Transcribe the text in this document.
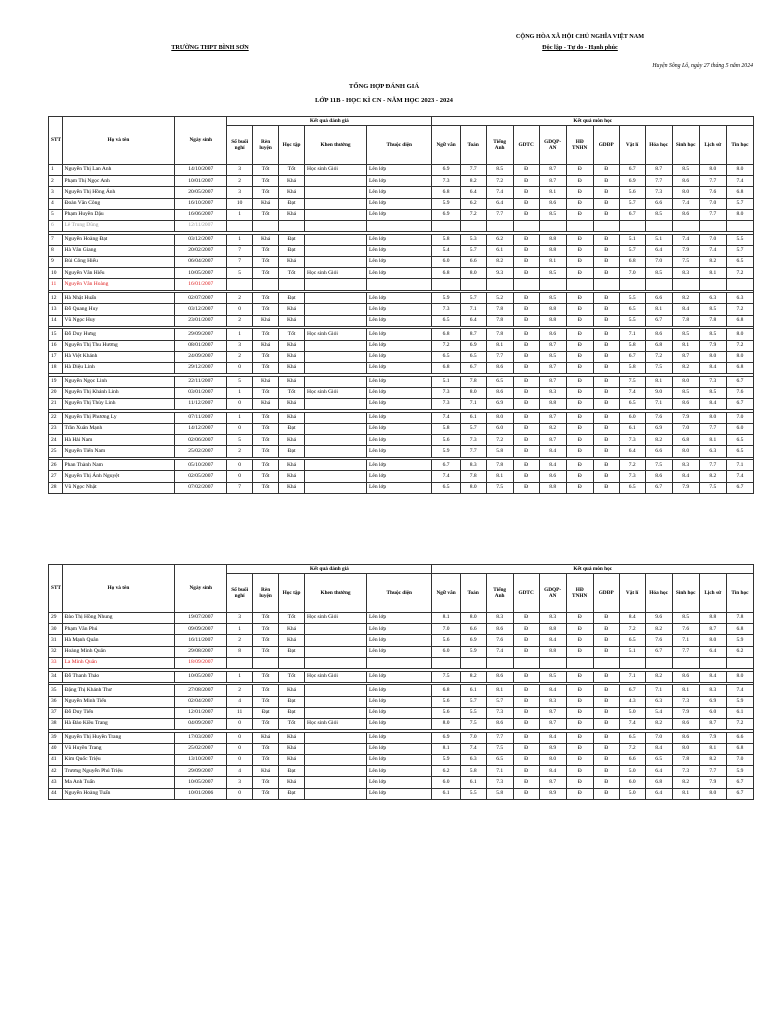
TRƯỜNG THPT BÌNH SƠN
CỘNG HÒA XÃ HỘI CHỦ NGHĨA VIỆT NAM
Độc lập - Tự do - Hạnh phúc
Huyện Sông Lô, ngày 27 tháng 5 năm 2024
TỔNG HỢP ĐÁNH GIÁ
LỚP 11B - HỌC KÌ CN - NĂM HỌC 2023 - 2024
STT	Họ và tên	Ngày sinh	Kết quả đánh giá					Kết quả môn học											
			Số buổi nghỉ	Rèn luyện	Học tập	Khen thưởng	Thuộc diện	Ngữ văn	Toán	Tiếng Anh	GDTC	GDQP-AN	HĐ TNHN	GDĐP	Vật lí	Hóa học	Sinh học	Lịch sử	Tin học
1	Nguyễn Thị Lan Anh	14/10/2007	3	Tốt	Tốt	Học sinh Giỏi	Lên lớp	6.9	7.7	8.5	Đ	8.7	Đ	Đ	6.7	8.7	8.5	8.0	8.0
2	Phạm Thị Ngọc Anh	10/01/2007	2	Tốt	Khá		Lên lớp	7.3	8.2	7.2	Đ	8.7	Đ	Đ	6.9	7.7	8.6	7.7	7.4
3	Nguyễn Thị Hồng Ánh	20/05/2007	3	Tốt	Khá		Lên lớp	6.8	6.4	7.4	Đ	8.1	Đ	Đ	5.6	7.3	8.0	7.6	6.8
4	Đoàn Văn Công	16/10/2007	10	Khá	Đạt		Lên lớp	5.9	6.2	6.4	Đ	8.6	Đ	Đ	5.7	6.6	7.4	7.0	5.7
5	Phạm Huyền Dậu	16/06/2007	1	Tốt	Khá		Lên lớp	6.9	7.2	7.7	Đ	8.5	Đ	Đ	6.7	8.5	8.6	7.7	8.0
6	Lê Trung Dũng	12/11/2007																	

7	Nguyễn Hoàng Đạt	03/12/2007	1	Khá	Đạt		Lên lớp	5.8	5.3	6.2	Đ	8.8	Đ	Đ	5.1	5.1	7.4	7.0	5.5
8	Hà Văn Giang	20/02/2007	7	Tốt	Đạt		Lên lớp	5.4	5.7	6.1	Đ	8.8	Đ	Đ	5.7	6.4	7.9	7.4	5.7
9	Bùi Công Hiếu	06/04/2007	7	Tốt	Khá		Lên lớp	6.0	6.6	8.2	Đ	8.1	Đ	Đ	6.8	7.0	7.5	8.2	6.5
10	Nguyễn Văn Hiếu	10/05/2007	5	Tốt	Tốt	Học sinh Giỏi	Lên lớp	6.8	8.0	9.3	Đ	8.5	Đ	Đ	7.0	8.5	8.3	8.1	7.2
11	Nguyễn Văn Hoàng	16/01/2007																	

12	Hà Nhật Huấn	02/07/2007	2	Tốt	Đạt		Lên lớp	5.9	5.7	5.2	Đ	8.5	Đ	Đ	5.5	6.6	8.2	6.3	6.3
13	Đỗ Quang Huy	03/12/2007	0	Tốt	Khá		Lên lớp	7.3	7.1	7.8	Đ	8.8	Đ	Đ	6.5	8.1	8.4	8.5	7.2
14	Vũ Ngọc Huy	23/01/2007	2	Khá	Khá		Lên lớp	6.5	6.4	7.8	Đ	8.8	Đ	Đ	5.5	6.7	7.8	7.8	6.8

15	Đỗ Duy Hưng	29/09/2007	1	Tốt	Tốt	Học sinh Giỏi	Lên lớp	6.8	8.7	7.8	Đ	8.6	Đ	Đ	7.1	8.6	8.5	8.5	8.0
16	Nguyễn Thị Thu Hương	08/01/2007	3	Khá	Khá		Lên lớp	7.2	6.9	8.1	Đ	8.7	Đ	Đ	5.8	6.8	8.1	7.9	7.2
17	Hà Việt Khánh	24/09/2007	2	Tốt	Khá		Lên lớp	6.5	6.5	7.7	Đ	8.5	Đ	Đ	6.7	7.2	8.7	8.0	8.0
18	Hà Diệu Linh	29/12/2007	0	Tốt	Khá		Lên lớp	6.8	6.7	8.6	Đ	8.7	Đ	Đ	5.8	7.5	8.2	8.4	6.8

19	Nguyễn Ngọc Linh	22/11/2007	5	Khá	Khá		Lên lớp	5.1	7.8	6.5	Đ	8.7	Đ	Đ	7.5	8.1	8.0	7.3	6.7
20	Nguyễn Thị Khánh Linh	03/01/2007	1	Tốt	Tốt	Học sinh Giỏi	Lên lớp	7.3	8.0	8.6	Đ	8.3	Đ	Đ	7.4	9.0	8.5	8.5	7.6
21	Nguyễn Thị Thùy Linh	11/12/2007	0	Khá	Khá		Lên lớp	7.3	7.1	6.9	Đ	8.8	Đ	Đ	6.5	7.1	8.6	8.4	6.7

22	Nguyễn Thị Phương Ly	07/11/2007	1	Tốt	Khá		Lên lớp	7.4	6.1	8.0	Đ	8.7	Đ	Đ	6.0	7.6	7.9	8.0	7.0
23	Trần Xuân Mạnh	14/12/2007	0	Tốt	Đạt		Lên lớp	5.8	5.7	6.0	Đ	8.2	Đ	Đ	6.1	6.9	7.0	7.7	6.0
24	Hà Hải Nam	02/06/2007	5	Tốt	Khá		Lên lớp	5.6	7.3	7.2	Đ	8.7	Đ	Đ	7.3	8.2	6.8	8.1	6.5
25	Nguyễn Tiến Nam	25/02/2007	2	Tốt	Đạt		Lên lớp	5.9	7.7	5.8	Đ	8.4	Đ	Đ	6.4	6.6	8.0	6.3	6.5

26	Phan Thành Nam	05/10/2007	0	Tốt	Khá		Lên lớp	6.7	8.3	7.8	Đ	8.4	Đ	Đ	7.2	7.5	8.3	7.7	7.1
27	Nguyễn Thị Ánh Nguyệt	02/05/2007	0	Tốt	Khá		Lên lớp	7.4	7.8	8.1	Đ	8.6	Đ	Đ	7.3	8.6	8.4	8.2	7.4
28	Vũ Ngọc Nhật	07/02/2007	7	Tốt	Khá		Lên lớp	6.5	8.0	7.5	Đ	8.8	Đ	Đ	6.5	6.7	7.9	7.5	6.7
STT	Họ và tên	Ngày sinh	Kết quả đánh giá					Kết quả môn học											
			Số buổi nghỉ	Rèn luyện	Học tập	Khen thưởng	Thuộc diện	Ngữ văn	Toán	Tiếng Anh	GDTC	GDQP-AN	HĐ TNHN	GDĐP	Vật lí	Hóa học	Sinh học	Lịch sử	Tin học
29	Đào Thị Hồng Nhung	19/07/2007	3	Tốt	Tốt	Học sinh Giỏi	Lên lớp	8.1	8.0	8.3	Đ	8.3	Đ	Đ	8.4	9.6	8.5	8.8	7.8
30	Phạm Văn Phú	09/09/2007	1	Tốt	Khá		Lên lớp	7.0	6.6	8.6	Đ	8.8	Đ	Đ	7.2	8.2	7.6	8.7	6.8
31	Hà Mạnh Quân	16/11/2007	2	Tốt	Khá		Lên lớp	5.6	6.9	7.6	Đ	8.4	Đ	Đ	6.5	7.6	7.1	8.0	5.9
32	Hoàng Minh Quân	29/08/2007	8	Tốt	Đạt		Lên lớp	6.0	5.9	7.4	Đ	8.8	Đ	Đ	5.1	6.7	7.7	6.4	6.2
33	La Minh Quân	18/09/2007																	

34	Đỗ Thanh Thảo	10/05/2007	1	Tốt	Tốt	Học sinh Giỏi	Lên lớp	7.5	8.2	8.6	Đ	8.5	Đ	Đ	7.1	8.2	8.6	8.4	8.0

35	Đặng Thị Khánh Thư	27/08/2007	2	Tốt	Khá		Lên lớp	6.8	6.1	8.1	Đ	8.4	Đ	Đ	6.7	7.1	8.1	8.3	7.4
36	Nguyễn Minh Tiến	02/04/2007	4	Tốt	Đạt		Lên lớp	5.6	5.7	5.7	Đ	8.3	Đ	Đ	4.3	6.3	7.3	6.9	5.9
37	Đỗ Duy Tiến	12/01/2007	11	Đạt	Đạt		Lên lớp	5.6	5.5	7.3	Đ	8.7	Đ	Đ	5.0	5.4	7.9	6.0	6.1
38	Hà Đào Kiều Trang	04/09/2007	0	Tốt	Tốt	Học sinh Giỏi	Lên lớp	8.0	7.5	8.6	Đ	8.7	Đ	Đ	7.4	8.2	8.6	8.7	7.2

39	Nguyễn Thị Huyền Trang	17/03/2007	0	Khá	Khá		Lên lớp	6.9	7.0	7.7	Đ	8.4	Đ	Đ	6.5	7.0	8.6	7.9	6.6
40	Vũ Huyền Trang	25/02/2007	0	Tốt	Khá		Lên lớp	8.1	7.4	7.5	Đ	8.9	Đ	Đ	7.2	8.4	8.0	8.1	6.8
41	Kim Quốc Triệu	13/10/2007	0	Tốt	Khá		Lên lớp	5.9	6.3	6.5	Đ	8.0	Đ	Đ	6.6	6.5	7.8	8.2	7.0
42	Trương Nguyễn Phú Triệu	29/09/2007	4	Khá	Đạt		Lên lớp	6.2	5.8	7.1	Đ	8.4	Đ	Đ	5.0	6.4	7.3	7.7	5.9
43	Ma Anh Tuấn	10/05/2007	3	Tốt	Khá		Lên lớp	6.0	6.1	7.3	Đ	8.7	Đ	Đ	6.0	6.8	8.2	7.9	6.7
44	Nguyễn Hoàng Tuấn	10/01/2006	0	Tốt	Đạt		Lên lớp	6.1	5.5	5.8	Đ	8.9	Đ	Đ	5.0	6.4	8.1	8.0	6.7
